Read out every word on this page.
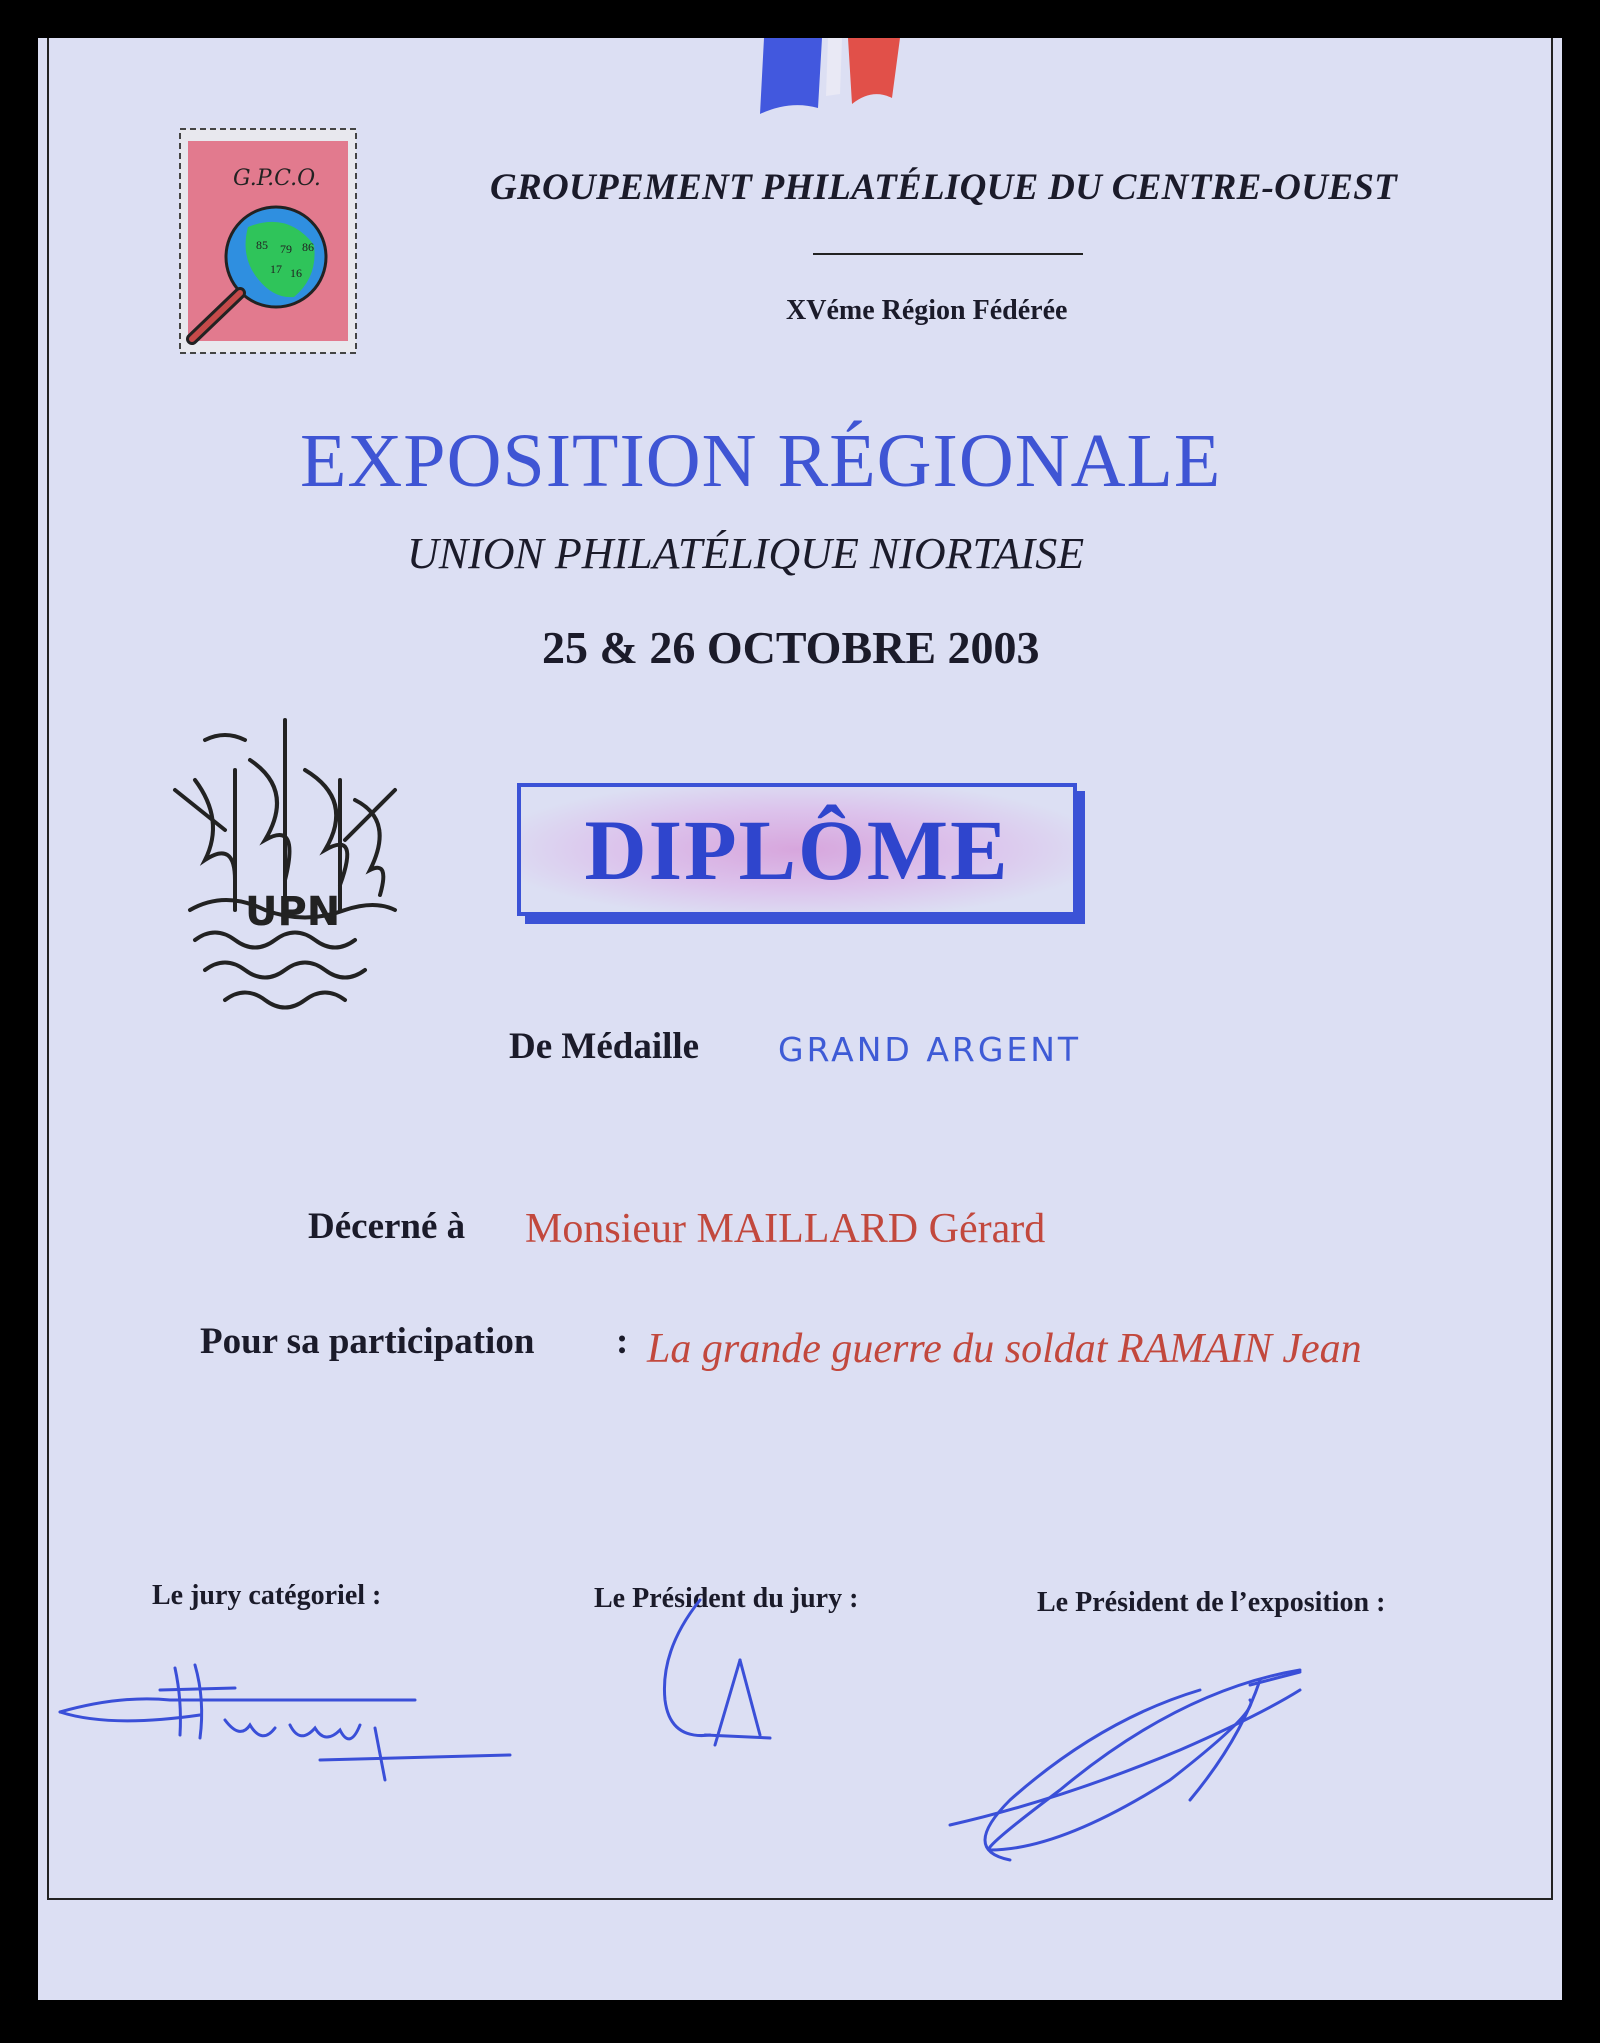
G.P.C.O.
85 79 86
17 16
GROUPEMENT PHILATÉLIQUE DU CENTRE-OUEST
XVéme Région Fédérée
EXPOSITION RÉGIONALE
UNION PHILATÉLIQUE NIORTAISE
25 & 26 OCTOBRE 2003
UPN
DIPLÔME
De Médaille GRAND ARGENT
Décerné à Monsieur MAILLARD Gérard
Pour sa participation : La grande guerre du soldat RAMAIN Jean
Le jury catégoriel :	Le Président du jury :	Le Président de l’exposition :
